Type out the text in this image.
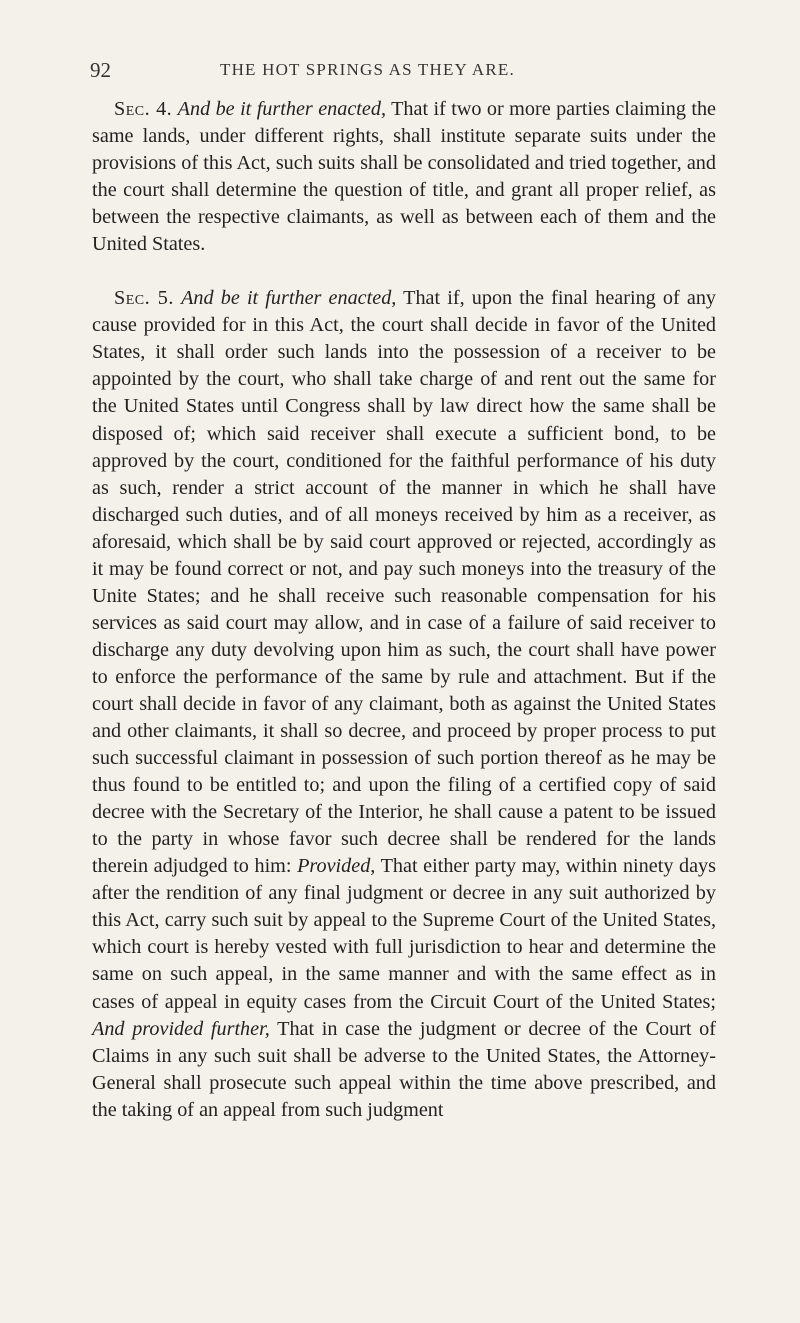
92	THE HOT SPRINGS AS THEY ARE.

Sec. 4. And be it further enacted, That if two or more parties claiming the same lands, under different rights, shall institute separate suits under the provisions of this Act, such suits shall be consolidated and tried together, and the court shall determine the question of title, and grant all proper relief, as between the respective claimants, as well as between each of them and the United States.

Sec. 5. And be it further enacted, That if, upon the final hearing of any cause provided for in this Act, the court shall decide in favor of the United States, it shall order such lands into the possession of a receiver to be appointed by the court, who shall take charge of and rent out the same for the United States until Congress shall by law direct how the same shall be disposed of; which said receiver shall execute a sufficient bond, to be approved by the court, conditioned for the faithful performance of his duty as such, render a strict account of the manner in which he shall have discharged such duties, and of all moneys received by him as a receiver, as aforesaid, which shall be by said court approved or rejected, accordingly as it may be found correct or not, and pay such moneys into the treasury of the Unite States; and he shall receive such reasonable compensation for his services as said court may allow, and in case of a failure of said receiver to discharge any duty devolving upon him as such, the court shall have power to enforce the performance of the same by rule and attachment. But if the court shall decide in favor of any claimant, both as against the United States and other claimants, it shall so decree, and proceed by proper process to put such successful claimant in possession of such portion thereof as he may be thus found to be entitled to; and upon the filing of a certified copy of said decree with the Secretary of the Interior, he shall cause a patent to be issued to the party in whose favor such decree shall be rendered for the lands therein adjudged to him: Provided, That either party may, within ninety days after the rendition of any final judgment or decree in any suit authorized by this Act, carry such suit by appeal to the Supreme Court of the United States, which court is hereby vested with full jurisdiction to hear and determine the same on such appeal, in the same manner and with the same effect as in cases of appeal in equity cases from the Circuit Court of the United States; And provided further, That in case the judgment or decree of the Court of Claims in any such suit shall be adverse to the United States, the Attorney-General shall prosecute such appeal within the time above prescribed, and the taking of an appeal from such judgment
